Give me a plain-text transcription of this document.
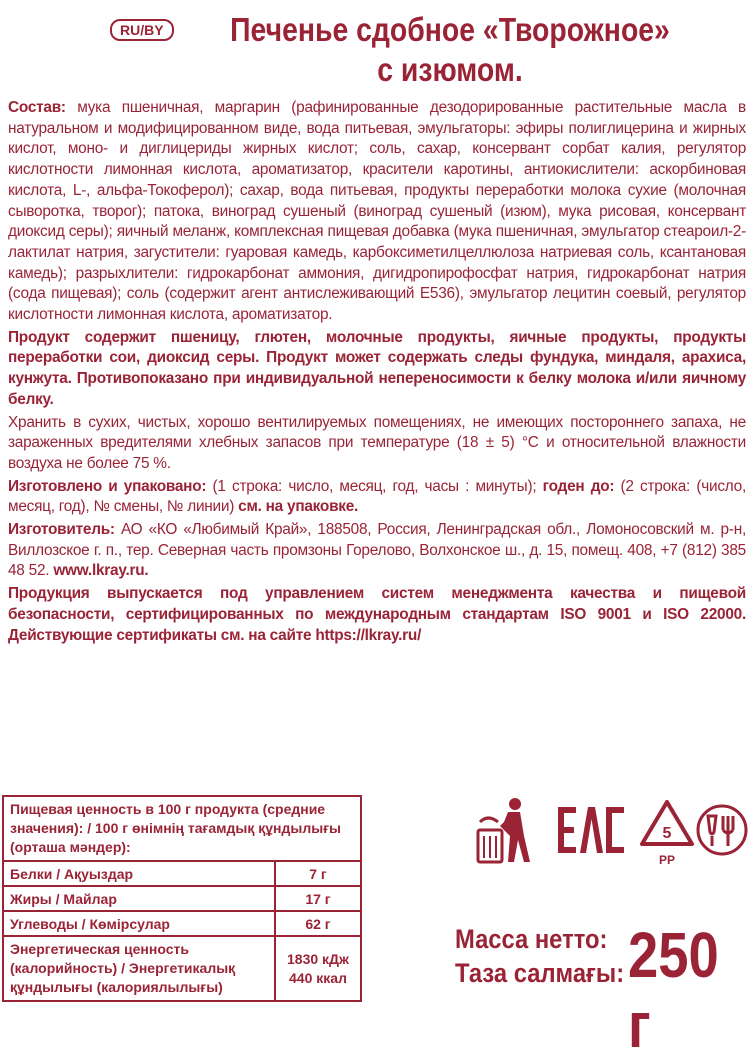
RU/BY	Печенье сдобное «Творожное»
с изюмом.

Состав: мука пшеничная, маргарин (рафинированные дезодорированные растительные масла в натуральном и модифицированном виде, вода питьевая, эмульгаторы: эфиры полиглицерина и жирных кислот, моно- и диглицериды жирных кислот; соль, сахар, консервант сорбат калия, регулятор кислотности лимонная кислота, ароматизатор, красители каротины, антиокислители: аскорбиновая кислота, L-, альфа-Токоферол); сахар, вода питьевая, продукты переработки молока сухие (молочная сыворотка, творог); патока, виноград сушеный (виноград сушеный (изюм), мука рисовая, консервант диоксид серы); яичный меланж, комплексная пищевая добавка (мука пшеничная, эмульгатор стеароил-2-лактилат натрия, загустители: гуаровая камедь, карбоксиметилцеллюлоза натриевая соль, ксантановая камедь); разрыхлители: гидрокарбонат аммония, дигидропирофосфат натрия, гидрокарбонат натрия (сода пищевая); соль (содержит агент антислеживающий Е536), эмульгатор лецитин соевый, регулятор кислотности лимонная кислота, ароматизатор.

Продукт содержит пшеницу, глютен, молочные продукты, яичные продукты, продукты переработки сои, диоксид серы. Продукт может содержать следы фундука, миндаля, арахиса, кунжута. Противопоказано при индивидуальной непереносимости к белку молока и/или яичному белку.

Хранить в сухих, чистых, хорошо вентилируемых помещениях, не имеющих постороннего запаха, не зараженных вредителями хлебных запасов при температуре (18 ± 5) °С и относительной влажности воздуха не более 75 %.

Изготовлено и упаковано: (1 строка: число, месяц, год, часы : минуты); годен до: (2 строка: (число, месяц, год), № смены, № линии) см. на упаковке.

Изготовитель: АО «КО «Любимый Край», 188508, Россия, Ленинградская обл., Ломоносовский м. р-н, Виллозское г. п., тер. Северная часть промзоны Горелово, Волхонское ш., д. 15, помещ. 408, +7 (812) 385 48 52. www.lkray.ru.

Продукция выпускается под управлением систем менеджмента качества и пищевой безопасности, сертифицированных по международным стандартам ISO 9001 и ISO 22000. Действующие сертификаты см. на сайте https://lkray.ru/

Пищевая ценность в 100 г продукта (средние значения): / 100 г өнімнің тағамдық құндылығы (орташа мәндер):	
Белки / Ақуыздар	7 г
Жиры / Майлар	17 г
Углеводы / Көмірсулар	62 г
Энергетическая ценность (калорийность) / Энергетикалық құндылығы (калориялылығы)	1830 кДж
440 ккал
5
PP
Масса нетто:
Таза салмағы: 250 г
